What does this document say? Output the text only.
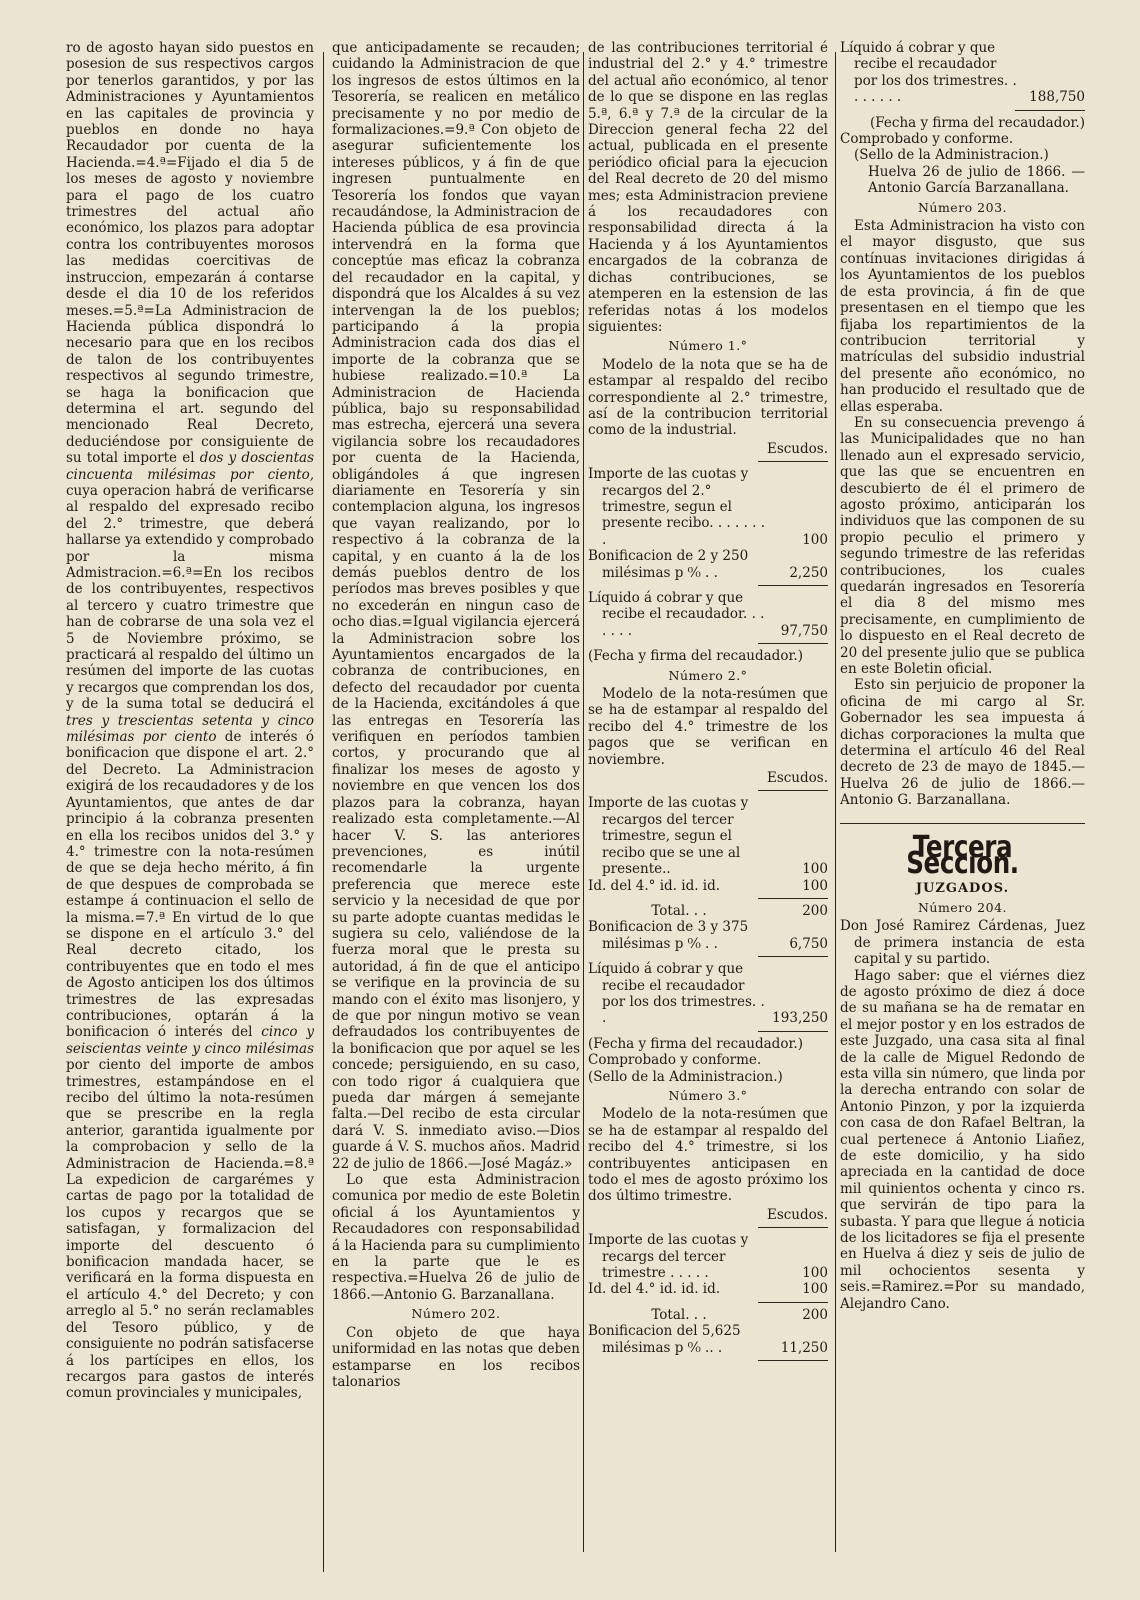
ro de agosto hayan sido puestos en posesion de sus respectivos cargos por tenerlos garantidos, y por las Administraciones y Ayuntamientos en las capitales de provincia y pueblos en donde no haya Recaudador por cuenta de la Hacienda.=4.ª=Fijado el dia 5 de los meses de agosto y noviembre para el pago de los cuatro trimestres del actual año económico, los plazos para adoptar contra los contribuyentes morosos las medidas coercitivas de instruccion, empezarán á contarse desde el dia 10 de los referidos meses.=5.ª=La Administracion de Hacienda pública dispondrá lo necesario para que en los recibos de talon de los contribuyentes respectivos al segundo trimestre, se haga la bonificacion que determina el art. segundo del mencionado Real Decreto, deduciéndose por consiguiente de su total importe el dos y doscientas cincuenta milésimas por ciento, cuya operacion habrá de verificarse al respaldo del expresado recibo del 2.° trimestre, que deberá hallarse ya extendido y comprobado por la misma Admistracion.=6.ª=En los recibos de los contribuyentes, respectivos al tercero y cuatro trimestre que han de cobrarse de una sola vez el 5 de Noviembre próximo, se practicará al respaldo del último un resúmen del importe de las cuotas y recargos que comprendan los dos, y de la suma total se deducirá el tres y trescientas setenta y cinco milésimas por ciento de interés ó bonificacion que dispone el art. 2.° del Decreto. La Administracion exigirá de los recaudadores y de los Ayuntamientos, que antes de dar principio á la cobranza presenten en ella los recibos unidos del 3.° y 4.° trimestre con la nota-resúmen de que se deja hecho mérito, á fin de que despues de comprobada se estampe á continuacion el sello de la misma.=7.ª En virtud de lo que se dispone en el artículo 3.° del Real decreto citado, los contribuyentes que en todo el mes de Agosto anticipen los dos últimos trimestres de las expresadas contribuciones, optarán á la bonificacion ó interés del cinco y seiscientas veinte y cinco milésimas por ciento del importe de ambos trimestres, estampándose en el recibo del último la nota-resúmen que se prescribe en la regla anterior, garantida igualmente por la comprobacion y sello de la Administracion de Hacienda.=8.ª La expedicion de cargarémes y cartas de pago por la totalidad de los cupos y recargos que se satisfagan, y formalizacion del importe del descuento ó bonificacion mandada hacer, se verificará en la forma dispuesta en el artículo 4.° del Decreto; y con arreglo al 5.° no serán reclamables del Tesoro público, y de consiguiente no podrán satisfacerse á los partícipes en ellos, los recargos para gastos de interés comun provinciales y municipales,

que anticipadamente se recauden; cuidando la Administracion de que los ingresos de estos últimos en la Tesorería, se realicen en metálico precisamente y no por medio de formalizaciones.=9.ª Con objeto de asegurar suficientemente los intereses públicos, y á fin de que ingresen puntualmente en Tesorería los fondos que vayan recaudándose, la Administracion de Hacienda pública de esa provincia intervendrá en la forma que conceptúe mas eficaz la cobranza del recaudador en la capital, y dispondrá que los Alcaldes á su vez intervengan la de los pueblos; participando á la propia Administracion cada dos dias el importe de la cobranza que se hubiese realizado.=10.ª La Administracion de Hacienda pública, bajo su responsabilidad mas estrecha, ejercerá una severa vigilancia sobre los recaudadores por cuenta de la Hacienda, obligándoles á que ingresen diariamente en Tesorería y sin contemplacion alguna, los ingresos que vayan realizando, por lo respectivo á la cobranza de la capital, y en cuanto á la de los demás pueblos dentro de los períodos mas breves posibles y que no excederán en ningun caso de ocho dias.=Igual vigilancia ejercerá la Administracion sobre los Ayuntamientos encargados de la cobranza de contribuciones, en defecto del recaudador por cuenta de la Hacienda, excitándoles á que las entregas en Tesorería las verifiquen en períodos tambien cortos, y procurando que al finalizar los meses de agosto y noviembre en que vencen los dos plazos para la cobranza, hayan realizado esta completamente.—Al hacer V. S. las anteriores prevenciones, es inútil recomendarle la urgente preferencia que merece este servicio y la necesidad de que por su parte adopte cuantas medidas le sugiera su celo, valiéndose de la fuerza moral que le presta su autoridad, á fin de que el anticipo se verifique en la provincia de su mando con el éxito mas lisonjero, y de que por ningun motivo se vean defraudados los contribuyentes de la bonificacion que por aquel se les concede; persiguiendo, en su caso, con todo rigor á cualquiera que pueda dar márgen á semejante falta.—Del recibo de esta circular dará V. S. inmediato aviso.—Dios guarde á V. S. muchos años. Madrid 22 de julio de 1866.—José Magáz.»

Lo que esta Administracion comunica por medio de este Boletin oficial á los Ayuntamientos y Recaudadores con responsabilidad á la Hacienda para su cumplimiento en la parte que le es respectiva.=Huelva 26 de julio de 1866.—Antonio G. Barzanallana.

Número 202.

Con objeto de que haya uniformidad en las notas que deben estamparse en los recibos talonarios

de las contribuciones territorial é industrial del 2.° y 4.° trimestre del actual año económico, al tenor de lo que se dispone en las reglas 5.ª, 6.ª y 7.ª de la circular de la Direccion general fecha 22 del actual, publicada en el presente periódico oficial para la ejecucion del Real decreto de 20 del mismo mes; esta Administracion previene á los recaudadores con responsabilidad directa á la Hacienda y á los Ayuntamientos encargados de la cobranza de dichas contribuciones, se atemperen en la estension de las referidas notas á los modelos siguientes:

Número 1.°

Modelo de la nota que se ha de estampar al respaldo del recibo correspondiente al 2.° trimestre, así de la contribucion territorial como de la industrial.

Escudos.

Importe de las cuotas y recargos del 2.° trimestre, segun el presente recibo. . . . . . . .	100
Bonificacion de 2 y 250 milésimas p ⁰⁄₀ . .	2,250
Líquido á cobrar y que recibe el recaudador. . . . . . .	97,750

(Fecha y firma del recaudador.)

Número 2.°

Modelo de la nota-resúmen que se ha de estampar al respaldo del recibo del 4.° trimestre de los pagos que se verifican en noviembre.

Escudos.

Importe de las cuotas y recargos del tercer trimestre, segun el recibo que se une al presente..	100
Id. del 4.° id. id. id.	100
Total. . .	200
Bonificacion de 3 y 375 milésimas p ⁰⁄₀ . .	6,750
Líquido á cobrar y que recibe el recaudador por los dos trimestres. . .	193,250

(Fecha y firma del recaudador.)

Comprobado y conforme.

(Sello de la Administracion.)

Número 3.°

Modelo de la nota-resúmen que se ha de estampar al respaldo del recibo del 4.° trimestre, si los contribuyentes anticipasen en todo el mes de agosto próximo los dos último trimestre.

Escudos.

Importe de las cuotas y recargs del tercer trimestre . . . . .	100
Id. del 4.° id. id. id.	100
Total. . .	200
Bonificacion del 5,625 milésimas p ⁰⁄₀ .. .	11,250
Líquido á cobrar y que recibe el recaudador por los dos trimestres. . . . . . . .	188,750

(Fecha y firma del recaudador.)

Comprobado y conforme.

(Sello de la Administracion.)

Huelva 26 de julio de 1866. —Antonio García Barzanallana.

Número 203.

Esta Administracion ha visto con el mayor disgusto, que sus contínuas invitaciones dirigidas á los Ayuntamientos de los pueblos de esta provincia, á fin de que presentasen en el tiempo que les fijaba los repartimientos de la contribucion territorial y matrículas del subsidio industrial del presente año económico, no han producido el resultado que de ellas esperaba.

En su consecuencia prevengo á las Municipalidades que no han llenado aun el expresado servicio, que las que se encuentren en descubierto de él el primero de agosto próximo, anticiparán los individuos que las componen de su propio peculio el primero y segundo trimestre de las referidas contribuciones, los cuales quedarán ingresados en Tesorería el dia 8 del mismo mes precisamente, en cumplimiento de lo dispuesto en el Real decreto de 20 del presente julio que se publica en este Boletin oficial.

Esto sin perjuicio de proponer la oficina de mi cargo al Sr. Gobernador les sea impuesta á dichas corporaciones la multa que determina el artículo 46 del Real decreto de 23 de mayo de 1845.— Huelva 26 de julio de 1866.— Antonio G. Barzanallana.

Tercera Seccion.

JUZGADOS.

Número 204.

Don José Ramirez Cárdenas, Juez de primera instancia de esta capital y su partido.

Hago saber: que el viérnes diez de agosto próximo de diez á doce de su mañana se ha de rematar en el mejor postor y en los estrados de este Juzgado, una casa sita al final de la calle de Miguel Redondo de esta villa sin número, que linda por la derecha entrando con solar de Antonio Pinzon, y por la izquierda con casa de don Rafael Beltran, la cual pertenece á Antonio Liañez, de este domicilio, y ha sido apreciada en la cantidad de doce mil quinientos ochenta y cinco rs. que servirán de tipo para la subasta. Y para que llegue á noticia de los licitadores se fija el presente en Huelva á diez y seis de julio de mil ochocientos sesenta y seis.=Ramirez.=Por su mandado, Alejandro Cano.
